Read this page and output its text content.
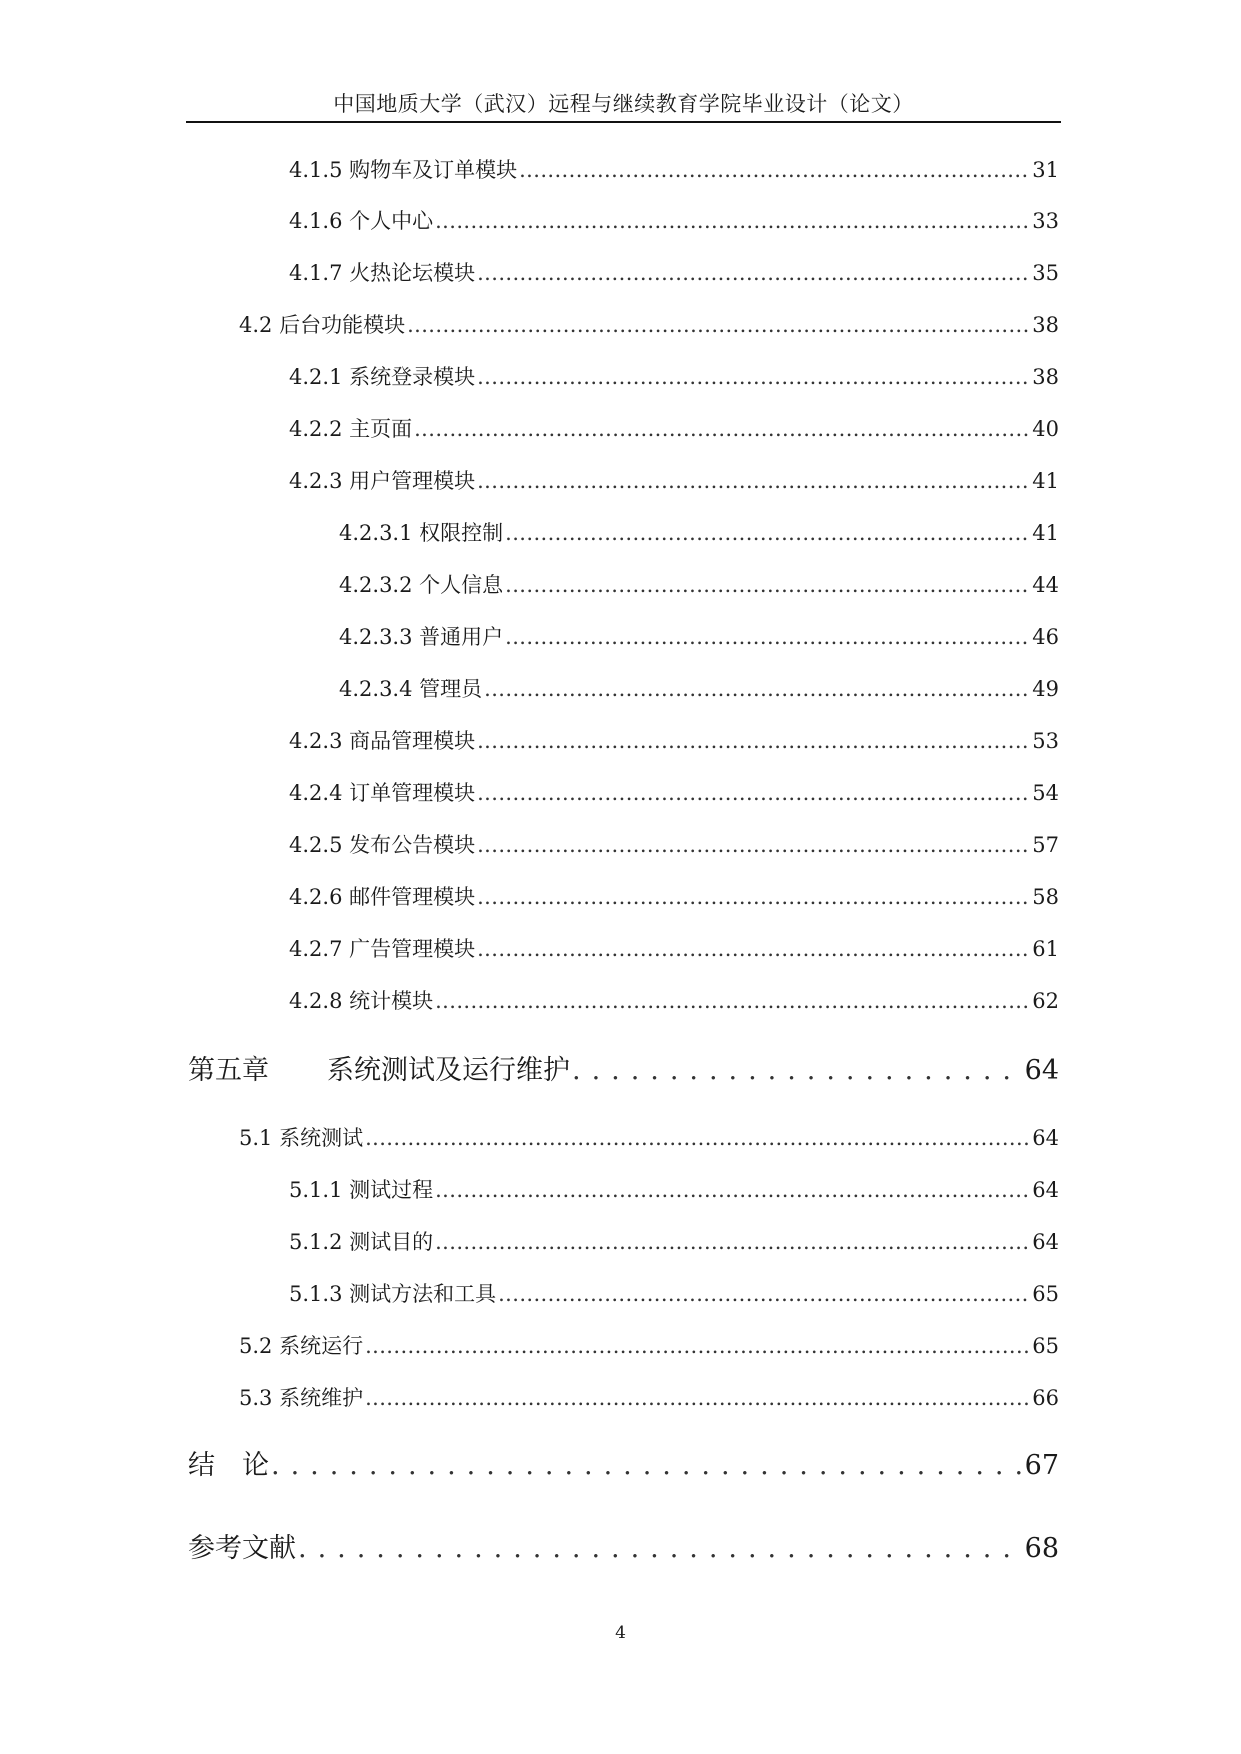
中国地质大学（武汉）远程与继续教育学院毕业设计（论文）
4.1.5 购物车及订单模块 .....	31
4.1.6 个人中心 .....	33
4.1.7 火热论坛模块 .....	35
4.2 后台功能模块 .....	38
4.2.1 系统登录模块 .....	38
4.2.2 主页面 .....	40
4.2.3 用户管理模块 .....	41
4.2.3.1 权限控制 .....	41
4.2.3.2 个人信息 .....	44
4.2.3.3 普通用户 .....	46
4.2.3.4 管理员 .....	49
4.2.3 商品管理模块 .....	53
4.2.4 订单管理模块 .....	54
4.2.5 发布公告模块 .....	57
4.2.6 邮件管理模块 .....	58
4.2.7 广告管理模块 .....	61
4.2.8 统计模块 .....	62
第五章 系统测试及运行维护 . . .	64
5.1 系统测试 .....	64
5.1.1 测试过程 .....	64
5.1.2 测试目的 .....	64
5.1.3 测试方法和工具 .....	65
5.2 系统运行 .....	65
5.3 系统维护 .....	66
结　论 . . .	67
参考文献 . . .	68
4
